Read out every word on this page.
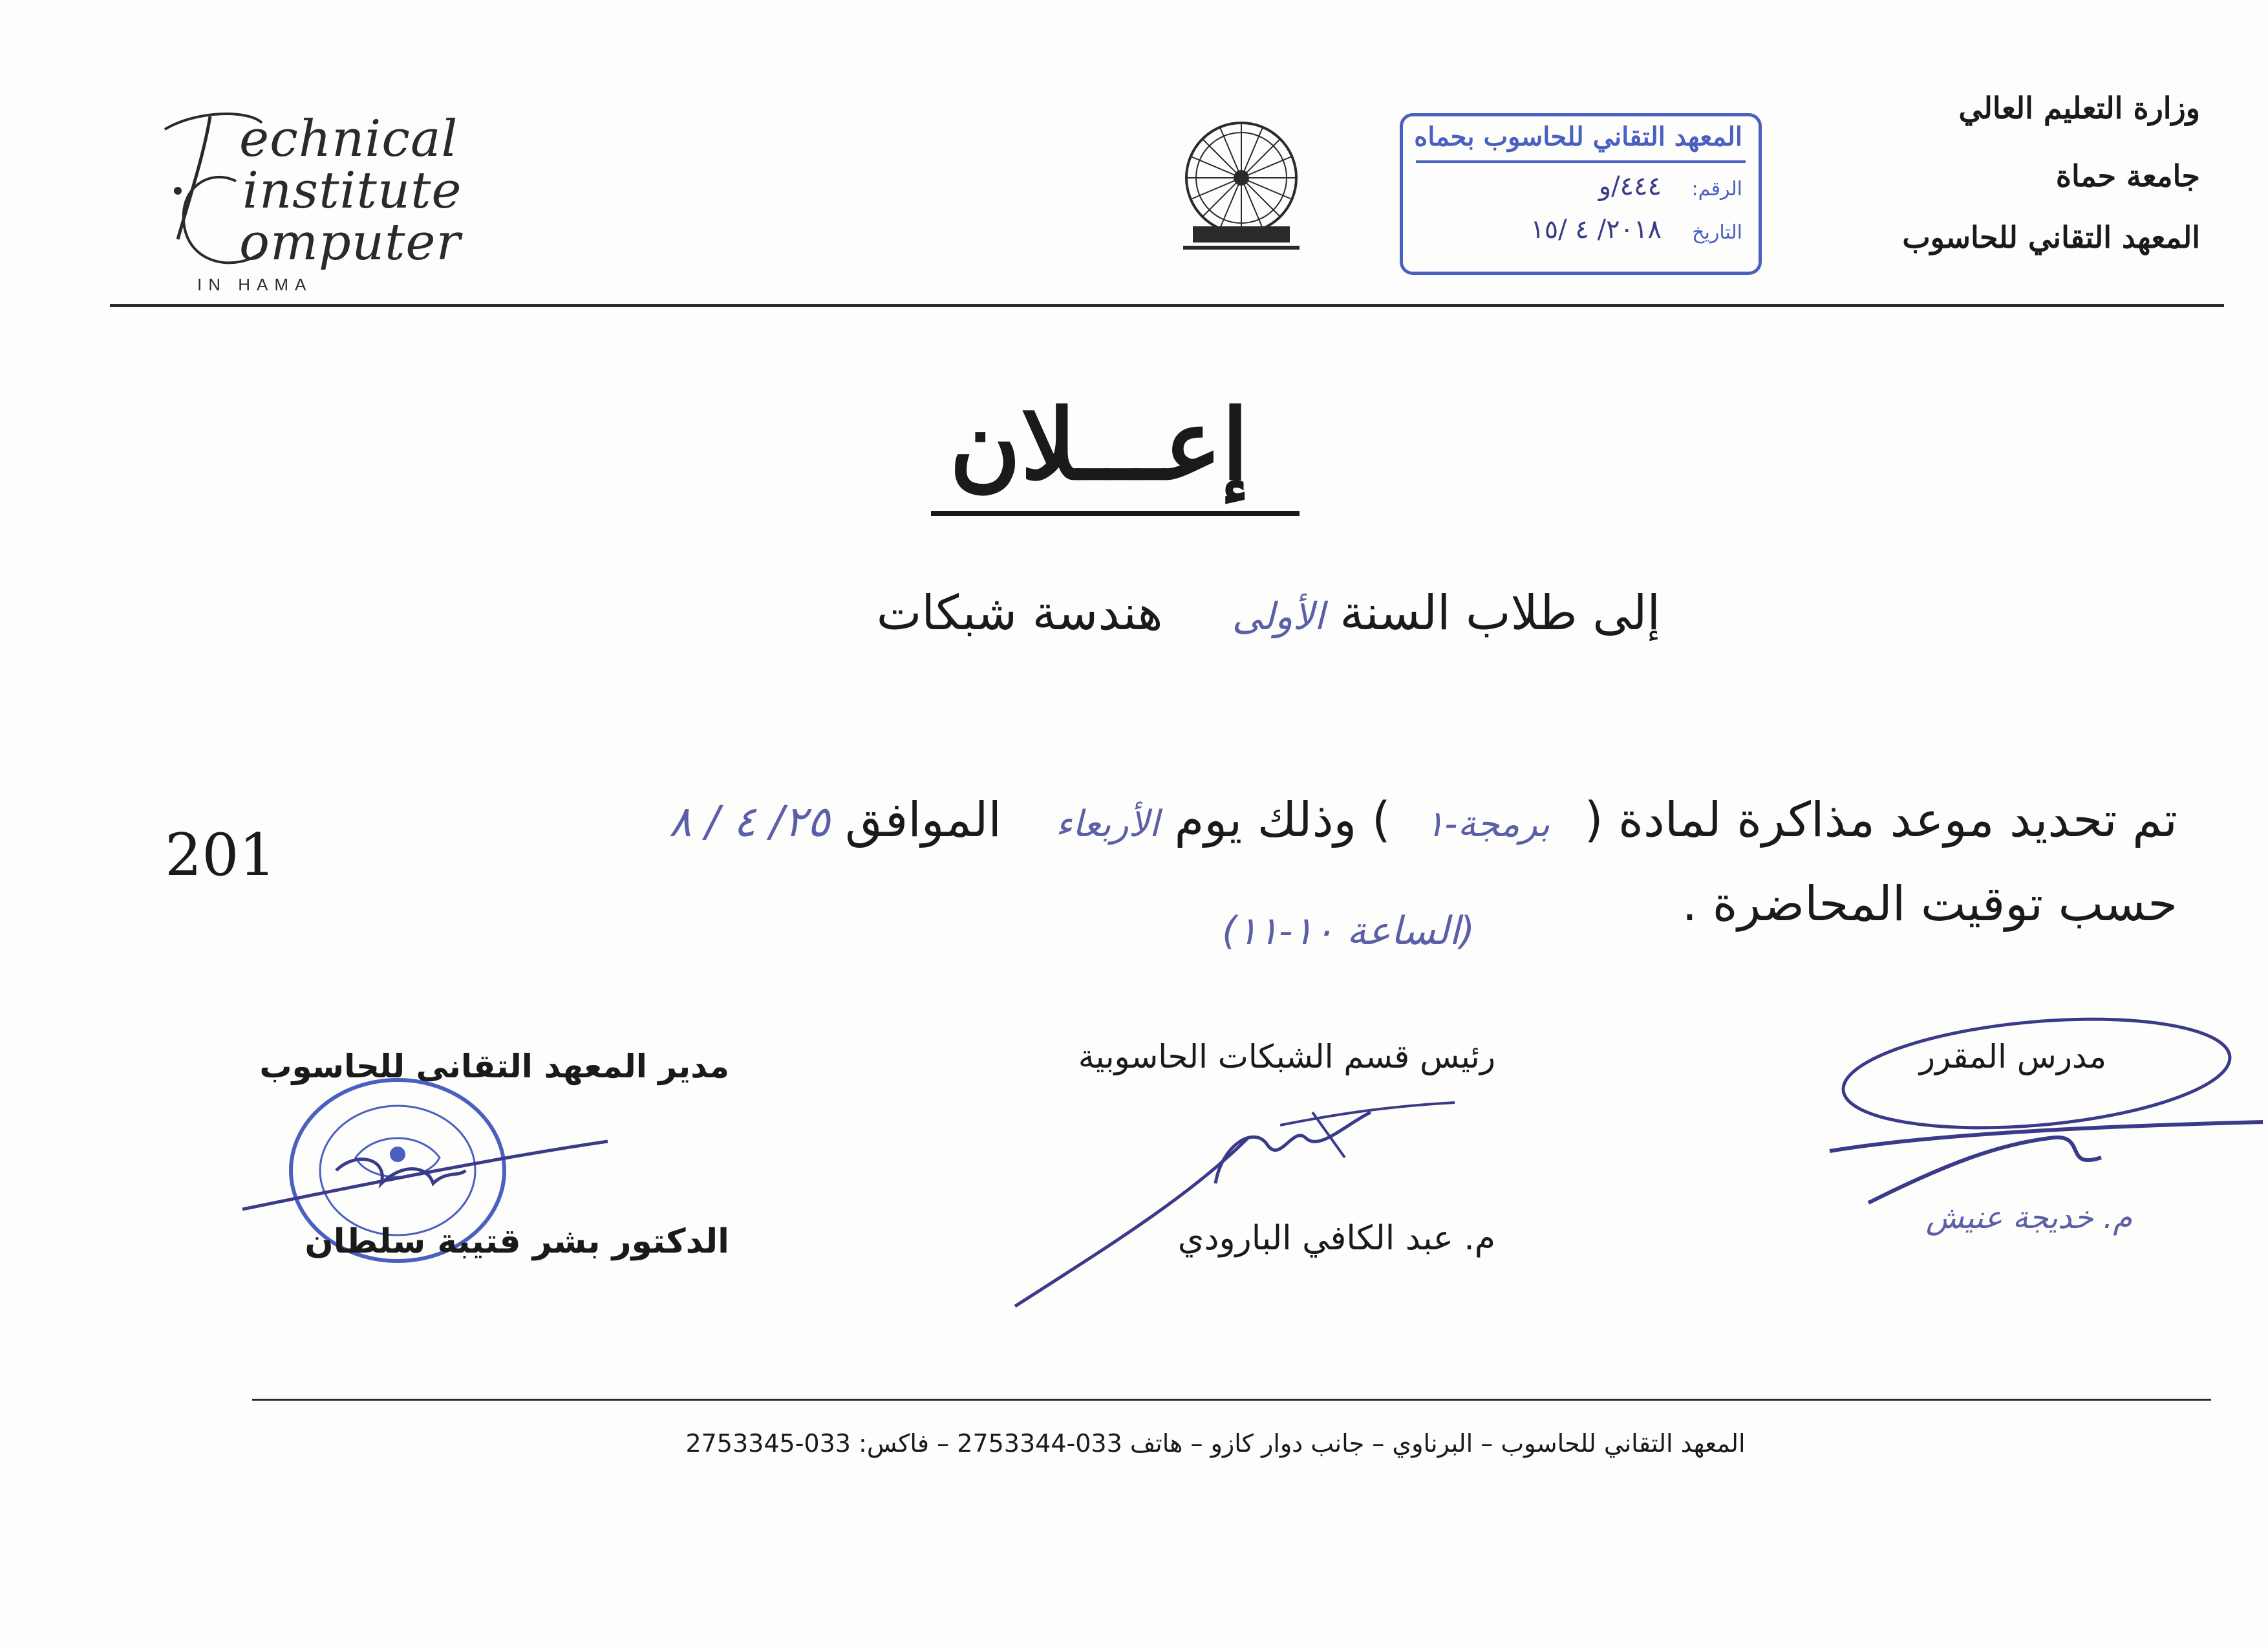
وزارة التعليم العالي
جامعة حماة
المعهد التقاني للحاسوب
echnical
institute
omputer
IN HAMA
المعهد التقاني للحاسوب بحماه
الرقم:
٤٤٤/و
التاريخ
٢٠١٨/ ٤ /١٥
إعـــلان
إلى طلاب السنة الأولى  هندسة شبكات
تم تحديد موعد مذاكرة لمادة ( برمجة-١ ) وذلك يوم الأربعاء الموافق ٢٥/ ٤ / ٨
201
حسب توقيت المحاضرة .
(الساعة ١٠-١١)
مدرس المقرر
م. خديجة عنيش
رئيس قسم الشبكات الحاسوبية
م. عبد الكافي البارودي
مدير المعهد التقاني للحاسوب
الدكتور بشر قتيبة سلطان
المعهد التقاني للحاسوب – البرناوي – جانب دوار كازو – هاتف 033-2753344 – فاكس: 033-2753345
